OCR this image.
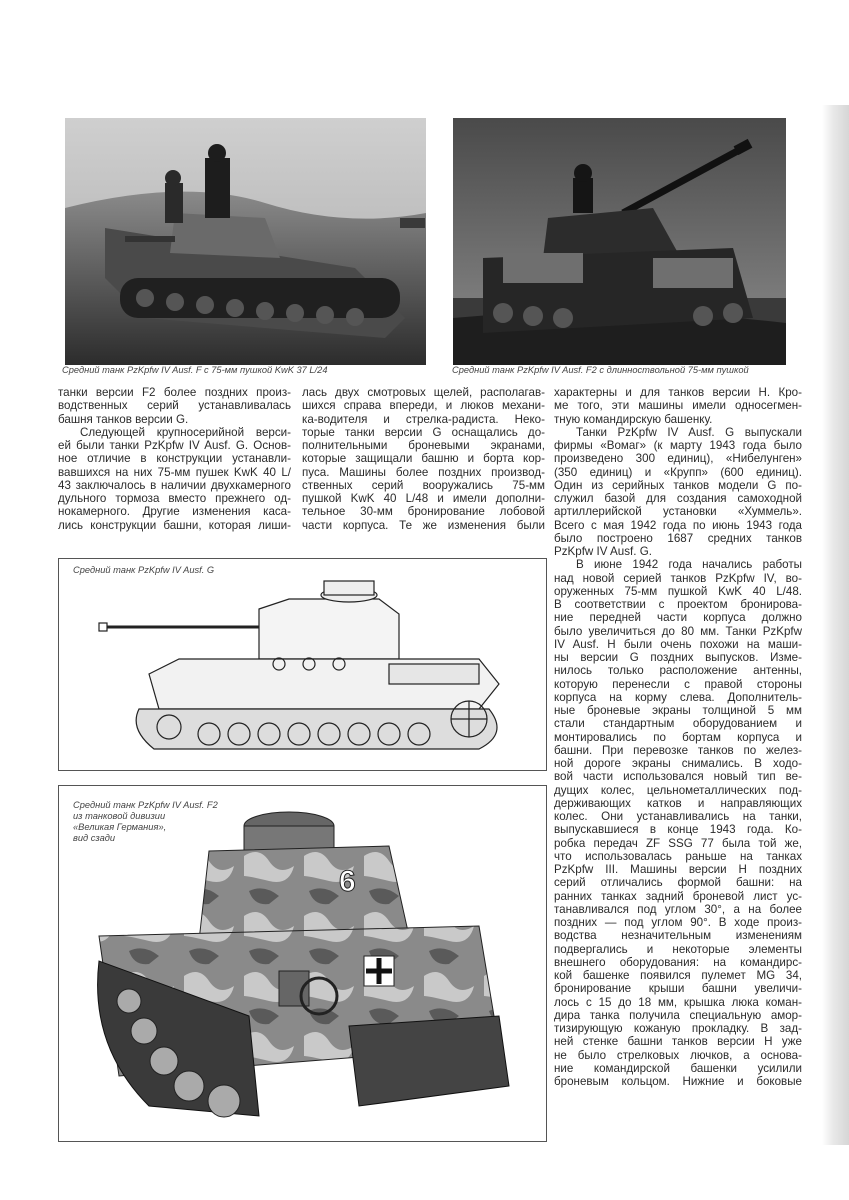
Средний танк PzKpfw IV Ausf. F с 75-мм пушкой KwK 37 L/24	Средний танк PzKpfw IV Ausf. F2 с длинноствольной 75-мм пушкой
танки версии F2 более поздних произ-
водственных серий устанавливалась
башня танков версии G.
Следующей крупносерийной верси-
ей были танки PzKpfw IV Ausf. G. Основ-
ное отличие в конструкции устанавли-
вавшихся на них 75-мм пушек KwK 40 L/
43 заключалось в наличии двухкамерного
дульного тормоза вместо прежнего од-
нокамерного. Другие изменения каса-
лись конструкции башни, которая лиши-
лась двух смотровых щелей, располагав-
шихся справа впереди, и люков механи-
ка-водителя и стрелка-радиста. Неко-
торые танки версии G оснащались до-
полнительными броневыми экранами,
которые защищали башню и борта кор-
пуса. Машины более поздних производ-
ственных серий вооружались 75-мм
пушкой KwK 40 L/48 и имели дополни-
тельное 30-мм бронирование лобовой
части корпуса. Те же изменения были
характерны и для танков версии H. Кро-
ме того, эти машины имели односегмен-
тную командирскую башенку.
Танки PzKpfw IV Ausf. G выпускали
фирмы «Вомаг» (к марту 1943 года было
произведено 300 единиц), «Нибелунген»
(350 единиц) и «Крупп» (600 единиц).
Один из серийных танков модели G по-
служил базой для создания самоходной
артиллерийской установки «Хуммель».
Всего с мая 1942 года по июнь 1943 года
было построено 1687 средних танков
PzKpfw IV Ausf. G.
В июне 1942 года начались работы
над новой серией танков PzKpfw IV, во-
оруженных 75-мм пушкой KwK 40 L/48.
В соответствии с проектом бронирова-
ние передней части корпуса должно
было увеличиться до 80 мм. Танки PzKpfw
IV Ausf. H были очень похожи на маши-
ны версии G поздних выпусков. Изме-
нилось только расположение антенны,
которую перенесли с правой стороны
корпуса на корму слева. Дополнитель-
ные броневые экраны толщиной 5 мм
стали стандартным оборудованием и
монтировались по бортам корпуса и
башни. При перевозке танков по желез-
ной дороге экраны снимались. В ходо-
вой части использовался новый тип ве-
дущих колес, цельнометаллических под-
держивающих катков и направляющих
колес. Они устанавливались на танки,
выпускавшиеся в конце 1943 года. Ко-
робка передач ZF SSG 77 была той же,
что использовалась раньше на танках
PzKpfw III. Машины версии H поздних
серий отличались формой башни: на
ранних танках задний броневой лист ус-
танавливался под углом 30°, а на более
поздних — под углом 90°. В ходе произ-
водства незначительным изменениям
подвергались и некоторые элементы
внешнего оборудования: на командирс-
кой башенке появился пулемет MG 34,
бронирование крыши башни увеличи-
лось с 15 до 18 мм, крышка люка коман-
дира танка получила специальную амор-
тизирующую кожаную прокладку. В зад-
ней стенке башни танков версии H уже
не было стрелковых лючков, а основа-
ние командирской башенки усилили
броневым кольцом. Нижние и боковые
Средний танк PzKpfw IV Ausf. G
Средний танк PzKpfw IV Ausf. F2
из танковой дивизии
«Великая Германия»,
вид сзади
6
